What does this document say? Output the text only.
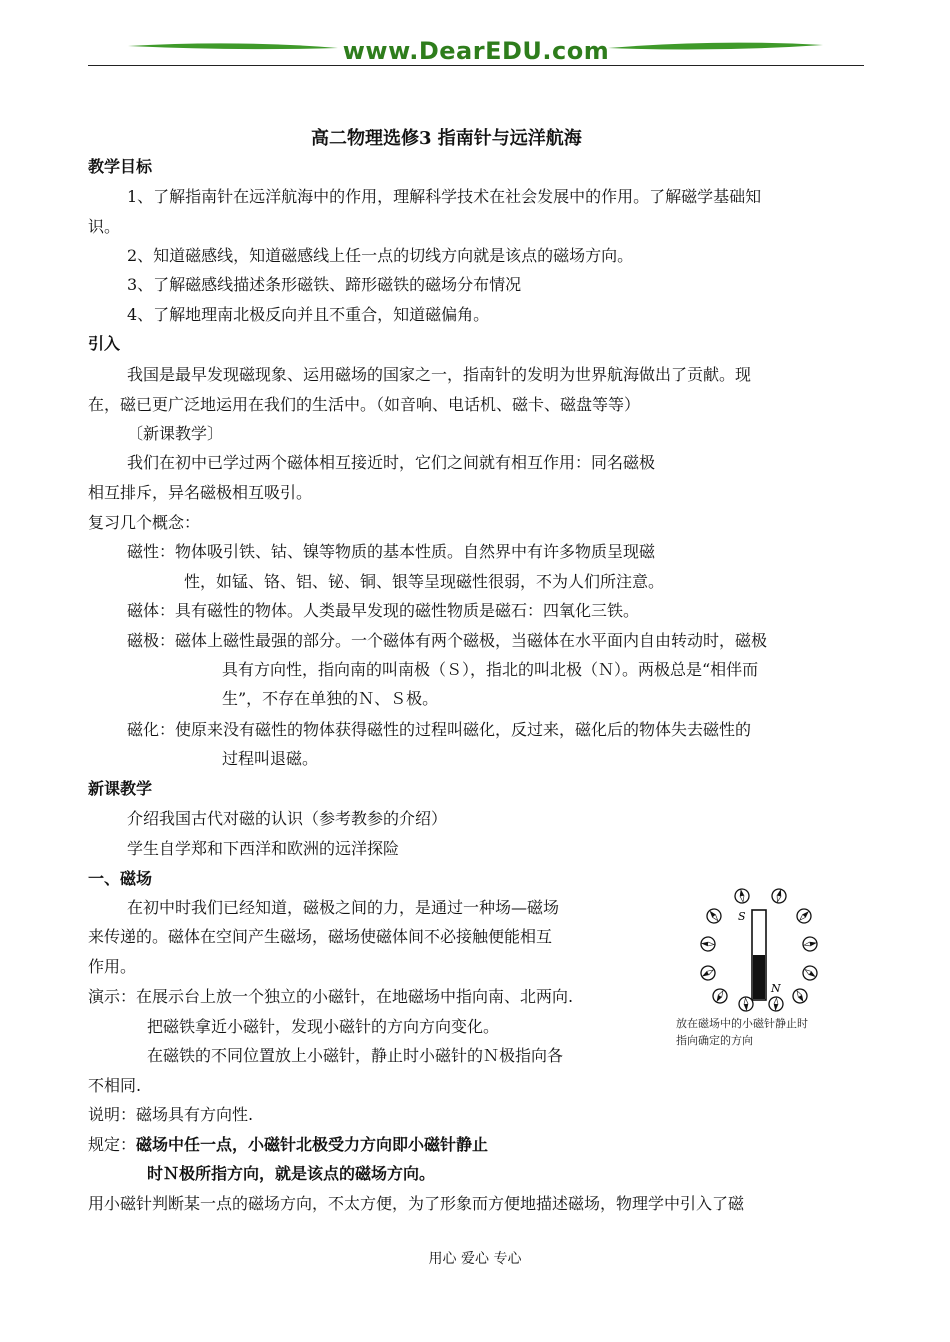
www.DearEDU.com
高二物理选修3 指南针与远洋航海
教学目标
1、了解指南针在远洋航海中的作用，理解科学技术在社会发展中的作用。了解磁学基础知
识。
2、知道磁感线，知道磁感线上任一点的切线方向就是该点的磁场方向。
3、了解磁感线描述条形磁铁、蹄形磁铁的磁场分布情况
4、了解地理南北极反向并且不重合，知道磁偏角。
引入
我国是最早发现磁现象、运用磁场的国家之一，指南针的发明为世界航海做出了贡献。现
在，磁已更广泛地运用在我们的生活中。（如音响、电话机、磁卡、磁盘等等）
〔新课教学〕
我们在初中已学过两个磁体相互接近时，它们之间就有相互作用：同名磁极
相互排斥，异名磁极相互吸引。
复习几个概念：
磁性：物体吸引铁、钴、镍等物质的基本性质。自然界中有许多物质呈现磁
性，如锰、铬、铝、铋、铜、银等呈现磁性很弱，不为人们所注意。
磁体：具有磁性的物体。人类最早发现的磁性物质是磁石：四氧化三铁。
磁极：磁体上磁性最强的部分。一个磁体有两个磁极，当磁体在水平面内自由转动时，磁极
具有方向性，指向南的叫南极（Ｓ），指北的叫北极（Ｎ）。两极总是“相伴而
生”，不存在单独的Ｎ、Ｓ极。
磁化：使原来没有磁性的物体获得磁性的过程叫磁化，反过来，磁化后的物体失去磁性的
过程叫退磁。
新课教学
介绍我国古代对磁的认识（参考教参的介绍）
学生自学郑和下西洋和欧洲的远洋探险
一、磁场
在初中时我们已经知道，磁极之间的力，是通过一种场—磁场
来传递的。磁体在空间产生磁场，磁场使磁体间不必接触便能相互
作用。
演示：在展示台上放一个独立的小磁针，在地磁场中指向南、北两向.
把磁铁拿近小磁针，发现小磁针的方向方向变化。
在磁铁的不同位置放上小磁针，静止时小磁针的Ｎ极指向各
不相同.
说明：磁场具有方向性.
规定：磁场中任一点，小磁针北极受力方向即小磁针静止
时Ｎ极所指方向，就是该点的磁场方向。
用小磁针判断某一点的磁场方向，不太方便，为了形象而方便地描述磁场，物理学中引入了磁
S
N
放在磁场中的小磁针静止时
指向确定的方向
用心 爱心 专心
